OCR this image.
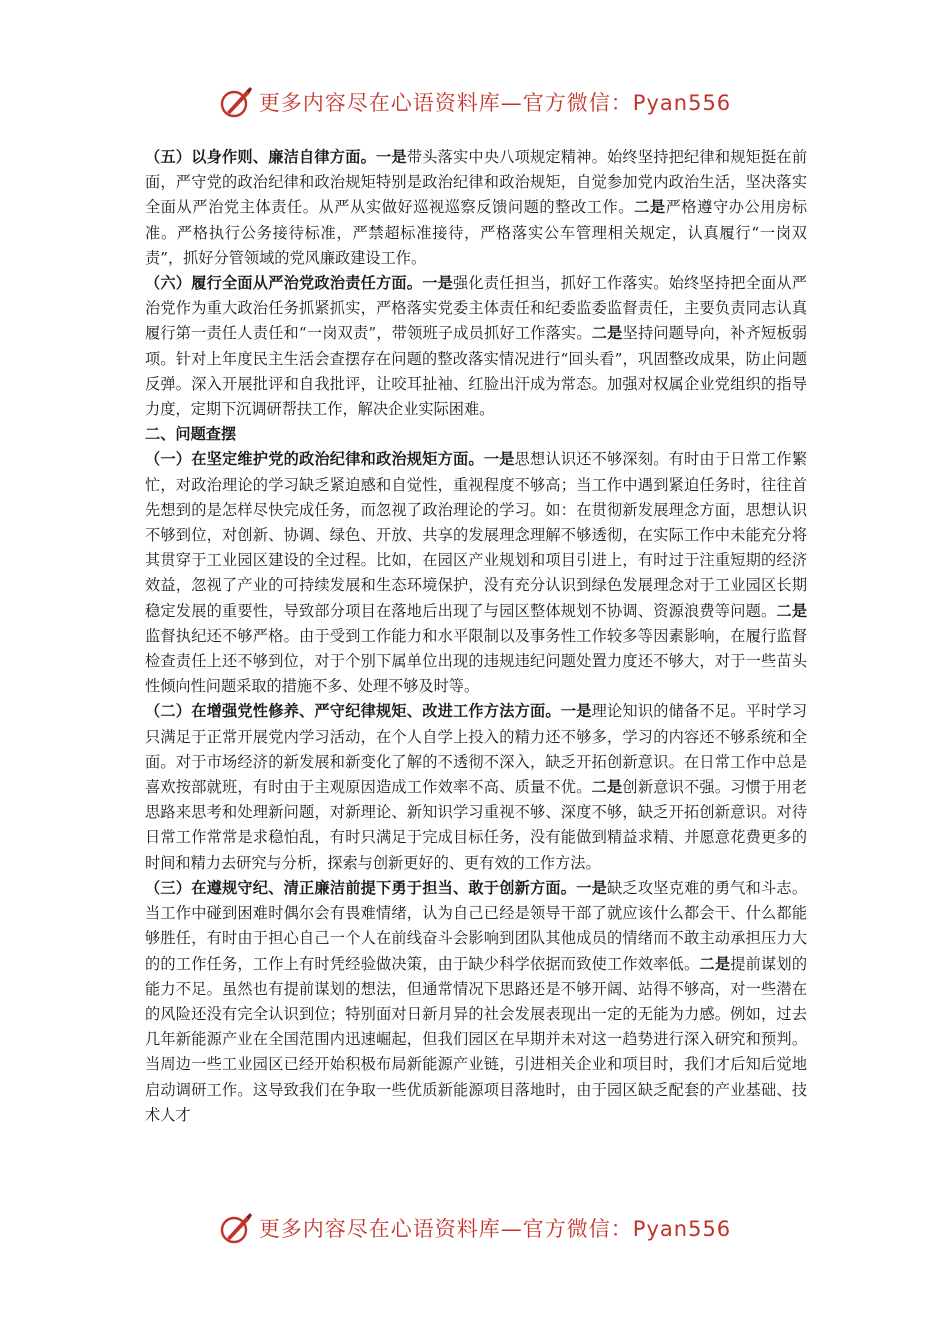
更多内容尽在心语资料库—官方微信：Pyan556

（五）以身作则、廉洁自律方面。一是带头落实中央八项规定精神。始终坚持把纪律和规矩挺在前面，严守党的政治纪律和政治规矩特别是政治纪律和政治规矩，自觉参加党内政治生活，坚决落实全面从严治党主体责任。从严从实做好巡视巡察反馈问题的整改工作。二是严格遵守办公用房标准。严格执行公务接待标准，严禁超标准接待，严格落实公车管理相关规定，认真履行“一岗双责”，抓好分管领域的党风廉政建设工作。

（六）履行全面从严治党政治责任方面。一是强化责任担当，抓好工作落实。始终坚持把全面从严治党作为重大政治任务抓紧抓实，严格落实党委主体责任和纪委监委监督责任，主要负责同志认真履行第一责任人责任和“一岗双责”，带领班子成员抓好工作落实。二是坚持问题导向，补齐短板弱项。针对上年度民主生活会查摆存在问题的整改落实情况进行“回头看”，巩固整改成果，防止问题反弹。深入开展批评和自我批评，让咬耳扯袖、红脸出汗成为常态。加强对权属企业党组织的指导力度，定期下沉调研帮扶工作，解决企业实际困难。

二、问题查摆

（一）在坚定维护党的政治纪律和政治规矩方面。一是思想认识还不够深刻。有时由于日常工作繁忙，对政治理论的学习缺乏紧迫感和自觉性，重视程度不够高；当工作中遇到紧迫任务时，往往首先想到的是怎样尽快完成任务，而忽视了政治理论的学习。如：在贯彻新发展理念方面，思想认识不够到位，对创新、协调、绿色、开放、共享的发展理念理解不够透彻，在实际工作中未能充分将其贯穿于工业园区建设的全过程。比如，在园区产业规划和项目引进上，有时过于注重短期的经济效益，忽视了产业的可持续发展和生态环境保护，没有充分认识到绿色发展理念对于工业园区长期稳定发展的重要性，导致部分项目在落地后出现了与园区整体规划不协调、资源浪费等问题。二是监督执纪还不够严格。由于受到工作能力和水平限制以及事务性工作较多等因素影响，在履行监督检查责任上还不够到位，对于个别下属单位出现的违规违纪问题处置力度还不够大，对于一些苗头性倾向性问题采取的措施不多、处理不够及时等。

（二）在增强党性修养、严守纪律规矩、改进工作方法方面。一是理论知识的储备不足。平时学习只满足于正常开展党内学习活动，在个人自学上投入的精力还不够多，学习的内容还不够系统和全面。对于市场经济的新发展和新变化了解的不透彻不深入，缺乏开拓创新意识。在日常工作中总是喜欢按部就班，有时由于主观原因造成工作效率不高、质量不优。二是创新意识不强。习惯于用老思路来思考和处理新问题，对新理论、新知识学习重视不够、深度不够，缺乏开拓创新意识。对待日常工作常常是求稳怕乱，有时只满足于完成目标任务，没有能做到精益求精、并愿意花费更多的时间和精力去研究与分析，探索与创新更好的、更有效的工作方法。

（三）在遵规守纪、清正廉洁前提下勇于担当、敢于创新方面。一是缺乏攻坚克难的勇气和斗志。当工作中碰到困难时偶尔会有畏难情绪，认为自己已经是领导干部了就应该什么都会干、什么都能够胜任，有时由于担心自己一个人在前线奋斗会影响到团队其他成员的情绪而不敢主动承担压力大的的工作任务，工作上有时凭经验做决策，由于缺少科学依据而致使工作效率低。二是提前谋划的能力不足。虽然也有提前谋划的想法，但通常情况下思路还是不够开阔、站得不够高，对一些潜在的风险还没有完全认识到位；特别面对日新月异的社会发展表现出一定的无能为力感。例如，过去几年新能源产业在全国范围内迅速崛起，但我们园区在早期并未对这一趋势进行深入研究和预判。当周边一些工业园区已经开始积极布局新能源产业链，引进相关企业和项目时，我们才后知后觉地启动调研工作。这导致我们在争取一些优质新能源项目落地时，由于园区缺乏配套的产业基础、技术人才

更多内容尽在心语资料库—官方微信：Pyan556
